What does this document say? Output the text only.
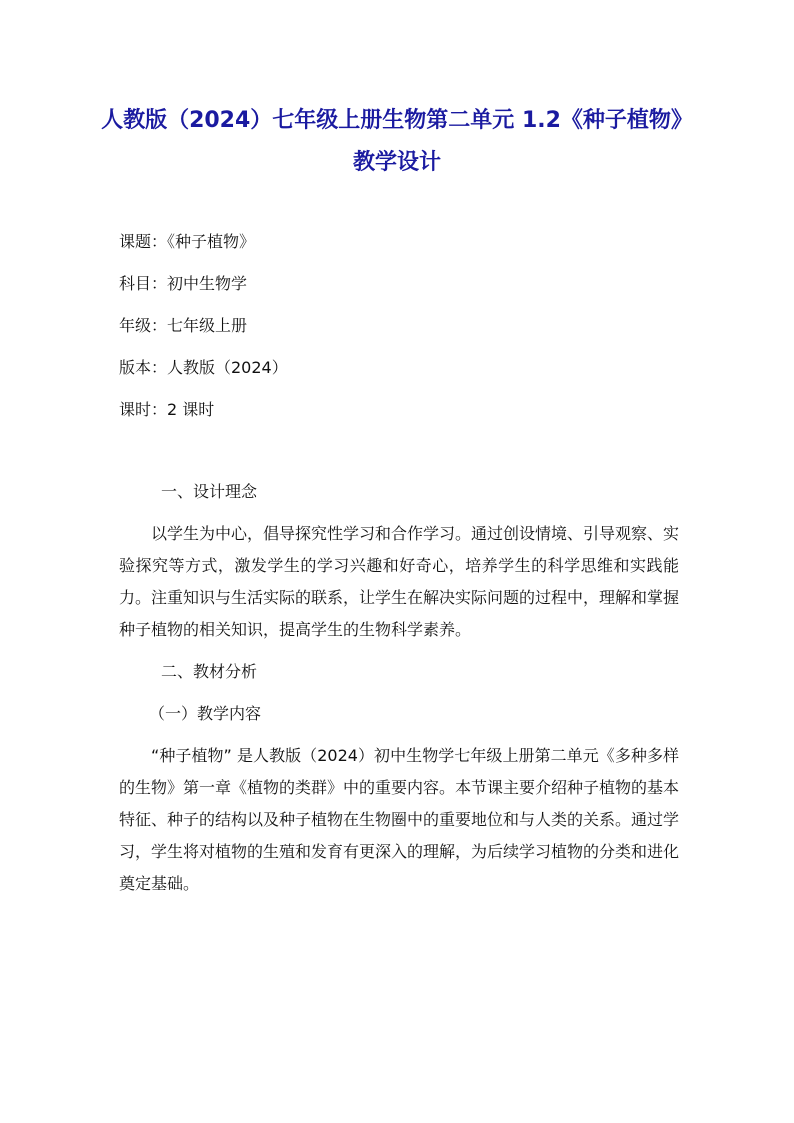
人教版（2024）七年级上册生物第二单元 1.2《种子植物》教学设计
课题：《种子植物》
科目：初中生物学
年级：七年级上册
版本：人教版（2024）
课时：2 课时

一、设计理念

以学生为中心，倡导探究性学习和合作学习。通过创设情境、引导观察、实验探究等方式，激发学生的学习兴趣和好奇心，培养学生的科学思维和实践能力。注重知识与生活实际的联系，让学生在解决实际问题的过程中，理解和掌握种子植物的相关知识，提高学生的生物科学素养。

二、教材分析

（一）教学内容

“种子植物” 是人教版（2024）初中生物学七年级上册第二单元《多种多样的生物》第一章《植物的类群》中的重要内容。本节课主要介绍种子植物的基本特征、种子的结构以及种子植物在生物圈中的重要地位和与人类的关系。通过学习，学生将对植物的生殖和发育有更深入的理解，为后续学习植物的分类和进化奠定基础。
